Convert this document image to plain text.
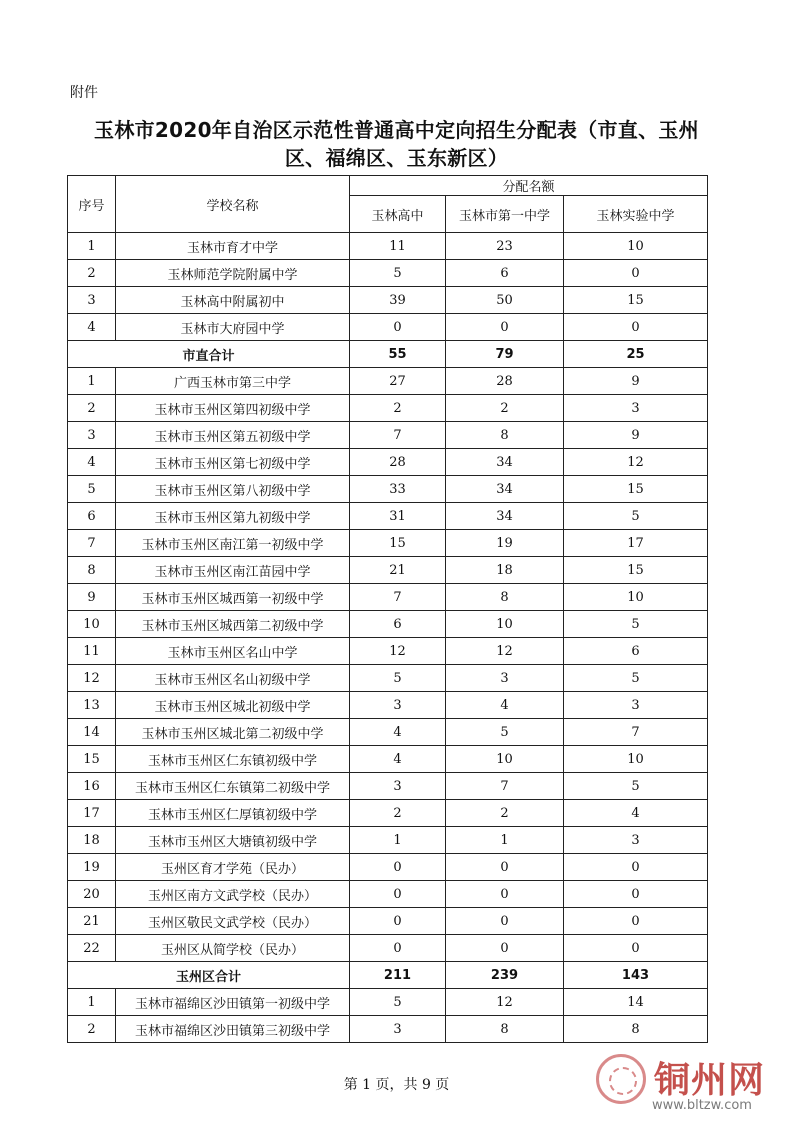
附件
玉林市2020年自治区示范性普通高中定向招生分配表（市直、玉州
区、福绵区、玉东新区）
序号	学校名称	分配名额		
		玉林高中	玉林市第一中学	玉林实验中学
1	玉林市育才中学	11	23	10
2	玉林师范学院附属中学	5	6	0
3	玉林高中附属初中	39	50	15
4	玉林市大府园中学	0	0	0
市直合计		55	79	25
1	广西玉林市第三中学	27	28	9
2	玉林市玉州区第四初级中学	2	2	3
3	玉林市玉州区第五初级中学	7	8	9
4	玉林市玉州区第七初级中学	28	34	12
5	玉林市玉州区第八初级中学	33	34	15
6	玉林市玉州区第九初级中学	31	34	5
7	玉林市玉州区南江第一初级中学	15	19	17
8	玉林市玉州区南江苗园中学	21	18	15
9	玉林市玉州区城西第一初级中学	7	8	10
10	玉林市玉州区城西第二初级中学	6	10	5
11	玉林市玉州区名山中学	12	12	6
12	玉林市玉州区名山初级中学	5	3	5
13	玉林市玉州区城北初级中学	3	4	3
14	玉林市玉州区城北第二初级中学	4	5	7
15	玉林市玉州区仁东镇初级中学	4	10	10
16	玉林市玉州区仁东镇第二初级中学	3	7	5
17	玉林市玉州区仁厚镇初级中学	2	2	4
18	玉林市玉州区大塘镇初级中学	1	1	3
19	玉州区育才学苑（民办）	0	0	0
20	玉州区南方文武学校（民办）	0	0	0
21	玉州区敬民文武学校（民办）	0	0	0
22	玉州区从简学校（民办）	0	0	0
玉州区合计		211	239	143
1	玉林市福绵区沙田镇第一初级中学	5	12	14
2	玉林市福绵区沙田镇第三初级中学	3	8	8
第 1 页，共 9 页	铜州网
www.bltzw.com
